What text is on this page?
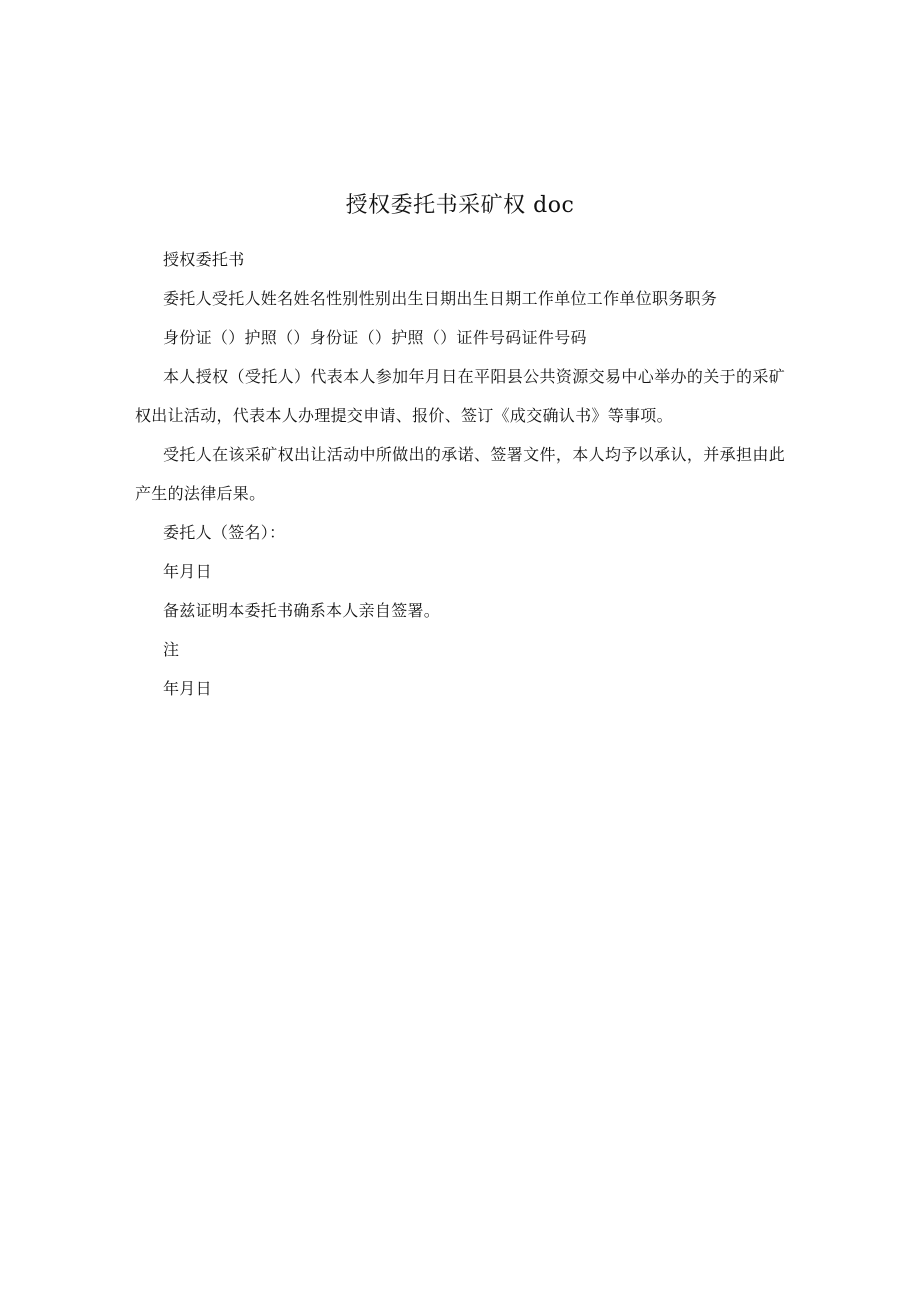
授权委托书采矿权 doc

授权委托书

委托人受托人姓名姓名性别性别出生日期出生日期工作单位工作单位职务职务

身份证（）护照（）身份证（）护照（）证件号码证件号码

本人授权（受托人）代表本人参加年月日在平阳县公共资源交易中心举办的关于的采矿权出让活动，代表本人办理提交申请、报价、签订《成交确认书》等事项。

受托人在该采矿权出让活动中所做出的承诺、签署文件，本人均予以承认，并承担由此产生的法律后果。

委托人（签名）：

年月日

备兹证明本委托书确系本人亲自签署。

注

年月日
